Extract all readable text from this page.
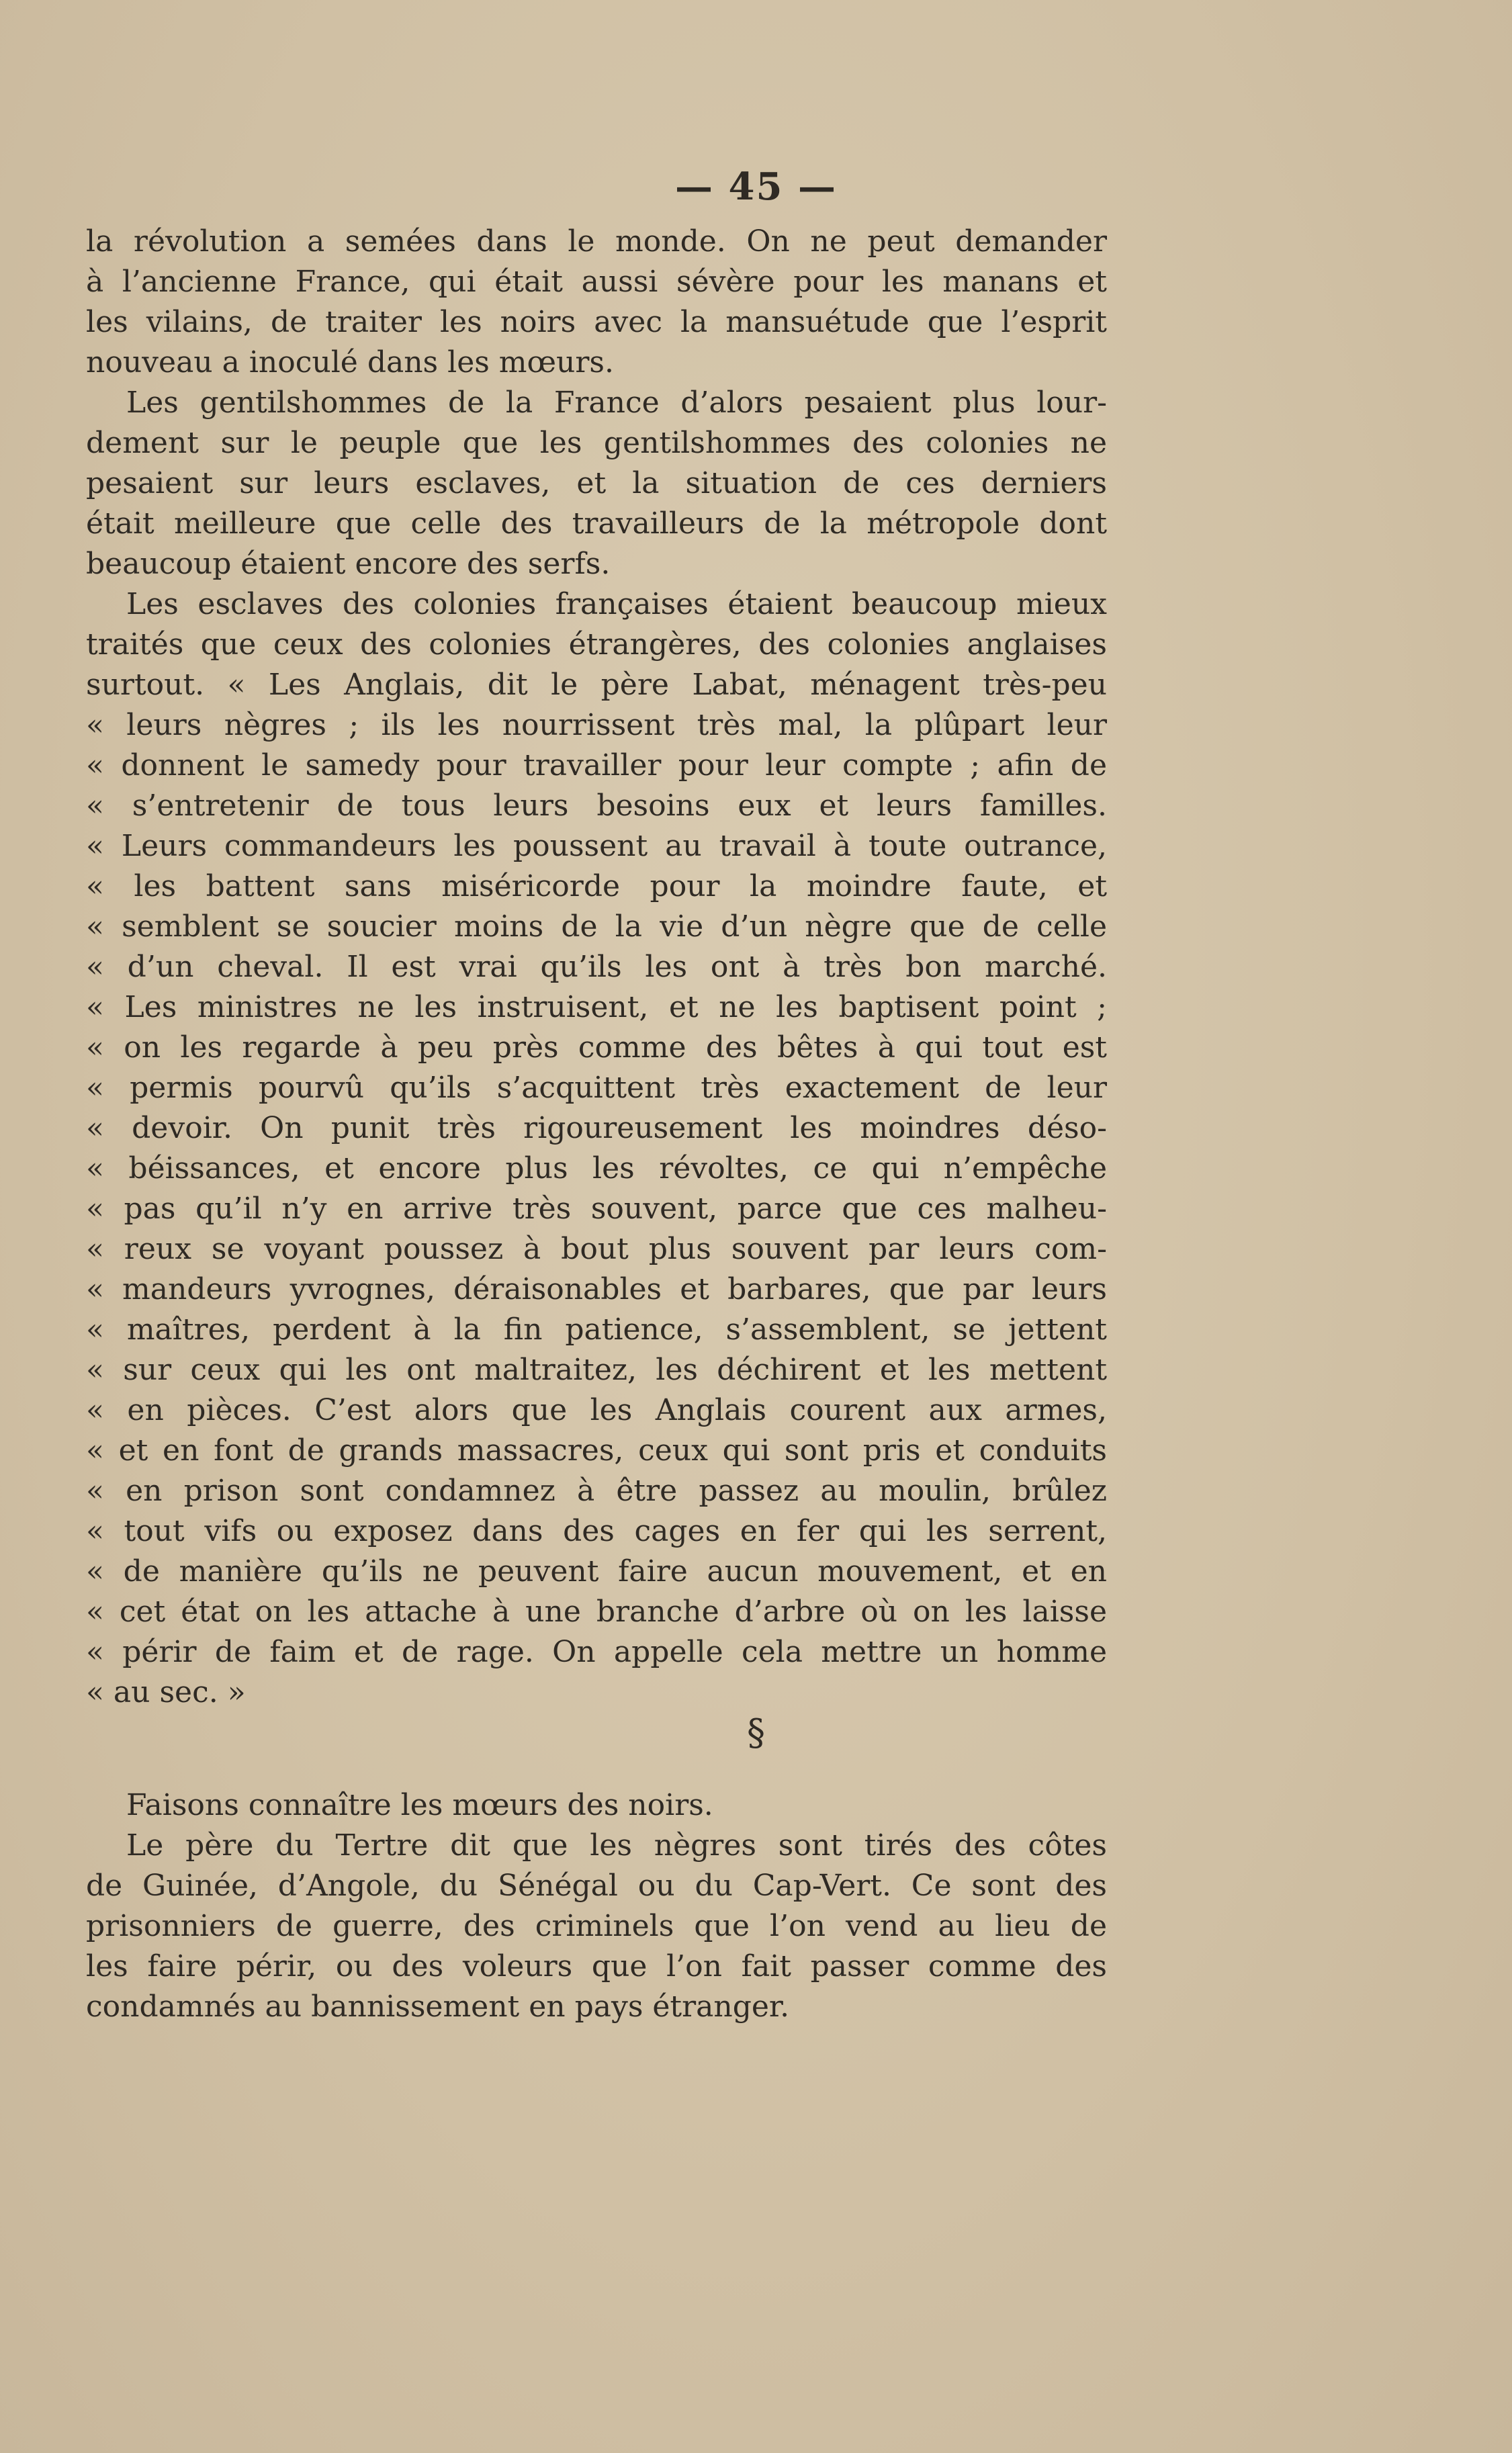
— 45 —
la révolution a semées dans le monde. On ne peut demander
à l’ancienne France, qui était aussi sévère pour les manans et
les vilains, de traiter les noirs avec la mansuétude que l’esprit
nouveau a inoculé dans les mœurs.
Les gentilshommes de la France d’alors pesaient plus lour-
dement sur le peuple que les gentilshommes des colonies ne
pesaient sur leurs esclaves, et la situation de ces derniers
était meilleure que celle des travailleurs de la métropole dont
beaucoup étaient encore des serfs.
Les esclaves des colonies françaises étaient beaucoup mieux
traités que ceux des colonies étrangères, des colonies anglaises
surtout. « Les Anglais, dit le père Labat, ménagent très-peu
« leurs nègres ; ils les nourrissent très mal, la plûpart leur
« donnent le samedy pour travailler pour leur compte ; afin de
« s’entretenir de tous leurs besoins eux et leurs familles.
« Leurs commandeurs les poussent au travail à toute outrance,
« les battent sans miséricorde pour la moindre faute, et
« semblent se soucier moins de la vie d’un nègre que de celle
« d’un cheval. Il est vrai qu’ils les ont à très bon marché.
« Les ministres ne les instruisent, et ne les baptisent point ;
« on les regarde à peu près comme des bêtes à qui tout est
« permis pourvû qu’ils s’acquittent très exactement de leur
« devoir. On punit très rigoureusement les moindres déso-
« béissances, et encore plus les révoltes, ce qui n’empêche
« pas qu’il n’y en arrive très souvent, parce que ces malheu-
« reux se voyant poussez à bout plus souvent par leurs com-
« mandeurs yvrognes, déraisonables et barbares, que par leurs
« maîtres, perdent à la fin patience, s’assemblent, se jettent
« sur ceux qui les ont maltraitez, les déchirent et les mettent
« en pièces. C’est alors que les Anglais courent aux armes,
« et en font de grands massacres, ceux qui sont pris et conduits
« en prison sont condamnez à être passez au moulin, brûlez
« tout vifs ou exposez dans des cages en fer qui les serrent,
« de manière qu’ils ne peuvent faire aucun mouvement, et en
« cet état on les attache à une branche d’arbre où on les laisse
« périr de faim et de rage. On appelle cela mettre un homme
« au sec. »
§
Faisons connaître les mœurs des noirs.
Le père du Tertre dit que les nègres sont tirés des côtes
de Guinée, d’Angole, du Sénégal ou du Cap-Vert. Ce sont des
prisonniers de guerre, des criminels que l’on vend au lieu de
les faire périr, ou des voleurs que l’on fait passer comme des
condamnés au bannissement en pays étranger.
